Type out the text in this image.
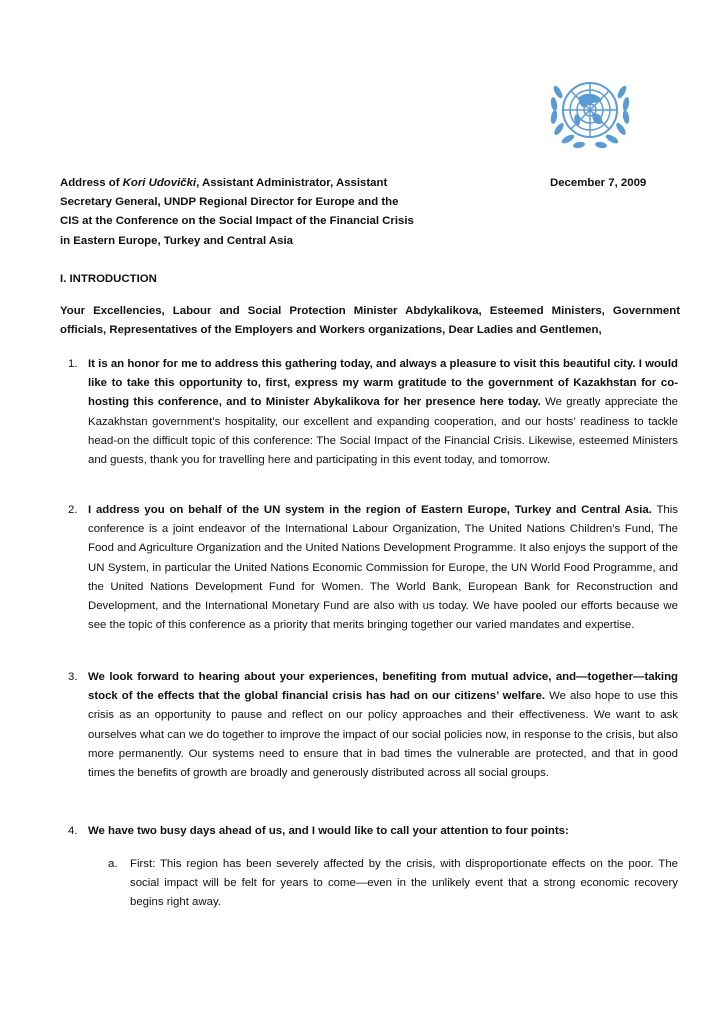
Address of Kori Udovički, Assistant Administrator, Assistant

Secretary General, UNDP Regional Director for Europe and the

CIS at the Conference on the Social Impact of the Financial Crisis

in Eastern Europe, Turkey and Central Asia

December 7, 2009

I. INTRODUCTION

Your Excellencies, Labour and Social Protection Minister Abdykalikova, Esteemed Ministers, Government officials, Representatives of the Employers and Workers organizations, Dear Ladies and Gentlemen,

1. It is an honor for me to address this gathering today, and always a pleasure to visit this beautiful city. I would like to take this opportunity to, first, express my warm gratitude to the government of Kazakhstan for co-hosting this conference, and to Minister Abykalikova for her presence here today. We greatly appreciate the Kazakhstan government’s hospitality, our excellent and expanding cooperation, and our hosts’ readiness to tackle head-on the difficult topic of this conference: The Social Impact of the Financial Crisis. Likewise, esteemed Ministers and guests, thank you for travelling here and participating in this event today, and tomorrow.

2. I address you on behalf of the UN system in the region of Eastern Europe, Turkey and Central Asia. This conference is a joint endeavor of the International Labour Organization, The United Nations Children’s Fund, The Food and Agriculture Organization and the United Nations Development Programme. It also enjoys the support of the UN System, in particular the United Nations Economic Commission for Europe, the UN World Food Programme, and the United Nations Development Fund for Women. The World Bank, European Bank for Reconstruction and Development, and the International Monetary Fund are also with us today. We have pooled our efforts because we see the topic of this conference as a priority that merits bringing together our varied mandates and expertise.

3. We look forward to hearing about your experiences, benefiting from mutual advice, and—together—taking stock of the effects that the global financial crisis has had on our citizens’ welfare. We also hope to use this crisis as an opportunity to pause and reflect on our policy approaches and their effectiveness. We want to ask ourselves what can we do together to improve the impact of our social policies now, in response to the crisis, but also more permanently. Our systems need to ensure that in bad times the vulnerable are protected, and that in good times the benefits of growth are broadly and generously distributed across all social groups.

4. We have two busy days ahead of us, and I would like to call your attention to four points:

a. First: This region has been severely affected by the crisis, with disproportionate effects on the poor. The social impact will be felt for years to come—even in the unlikely event that a strong economic recovery begins right away.
